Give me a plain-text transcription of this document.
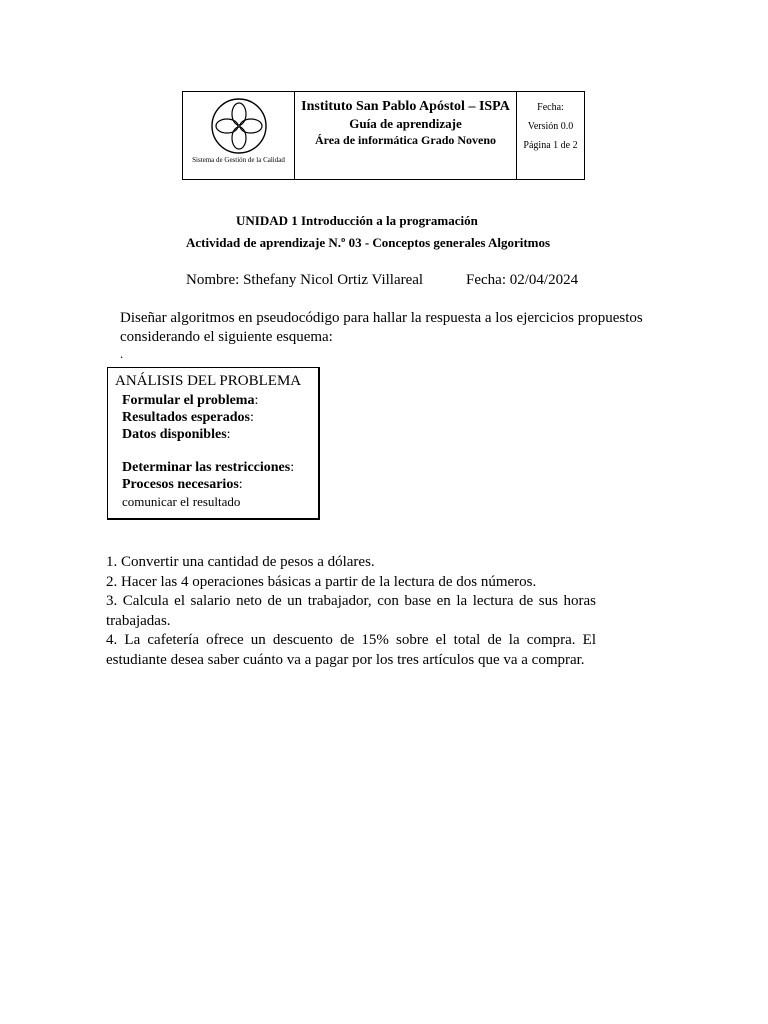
Sistema de Gestión de la Calidad
Instituto San Pablo Apóstol – ISPA
Guía de aprendizaje
Área de informática Grado Noveno
Fecha:
Versión 0.0
Página 1 de 2
UNIDAD 1 Introducción a la programación
Actividad de aprendizaje N.º 03 - Conceptos generales Algoritmos
Nombre: Sthefany Nicol Ortiz Villareal	Fecha: 02/04/2024
Diseñar algoritmos en pseudocódigo para hallar la respuesta a los ejercicios propuestos considerando el siguiente esquema:
.
ANÁLISIS DEL PROBLEMA
Formular el problema:
Resultados esperados:
Datos disponibles:
Determinar las restricciones:
Procesos necesarios:
comunicar el resultado
1. Convertir una cantidad de pesos a dólares.
2. Hacer las 4 operaciones básicas a partir de la lectura de dos números.
3. Calcula el salario neto de un trabajador, con base en la lectura de sus horas trabajadas.
4. La cafetería ofrece un descuento de 15% sobre el total de la compra. El estudiante desea saber cuánto va a pagar por los tres artículos que va a comprar.
